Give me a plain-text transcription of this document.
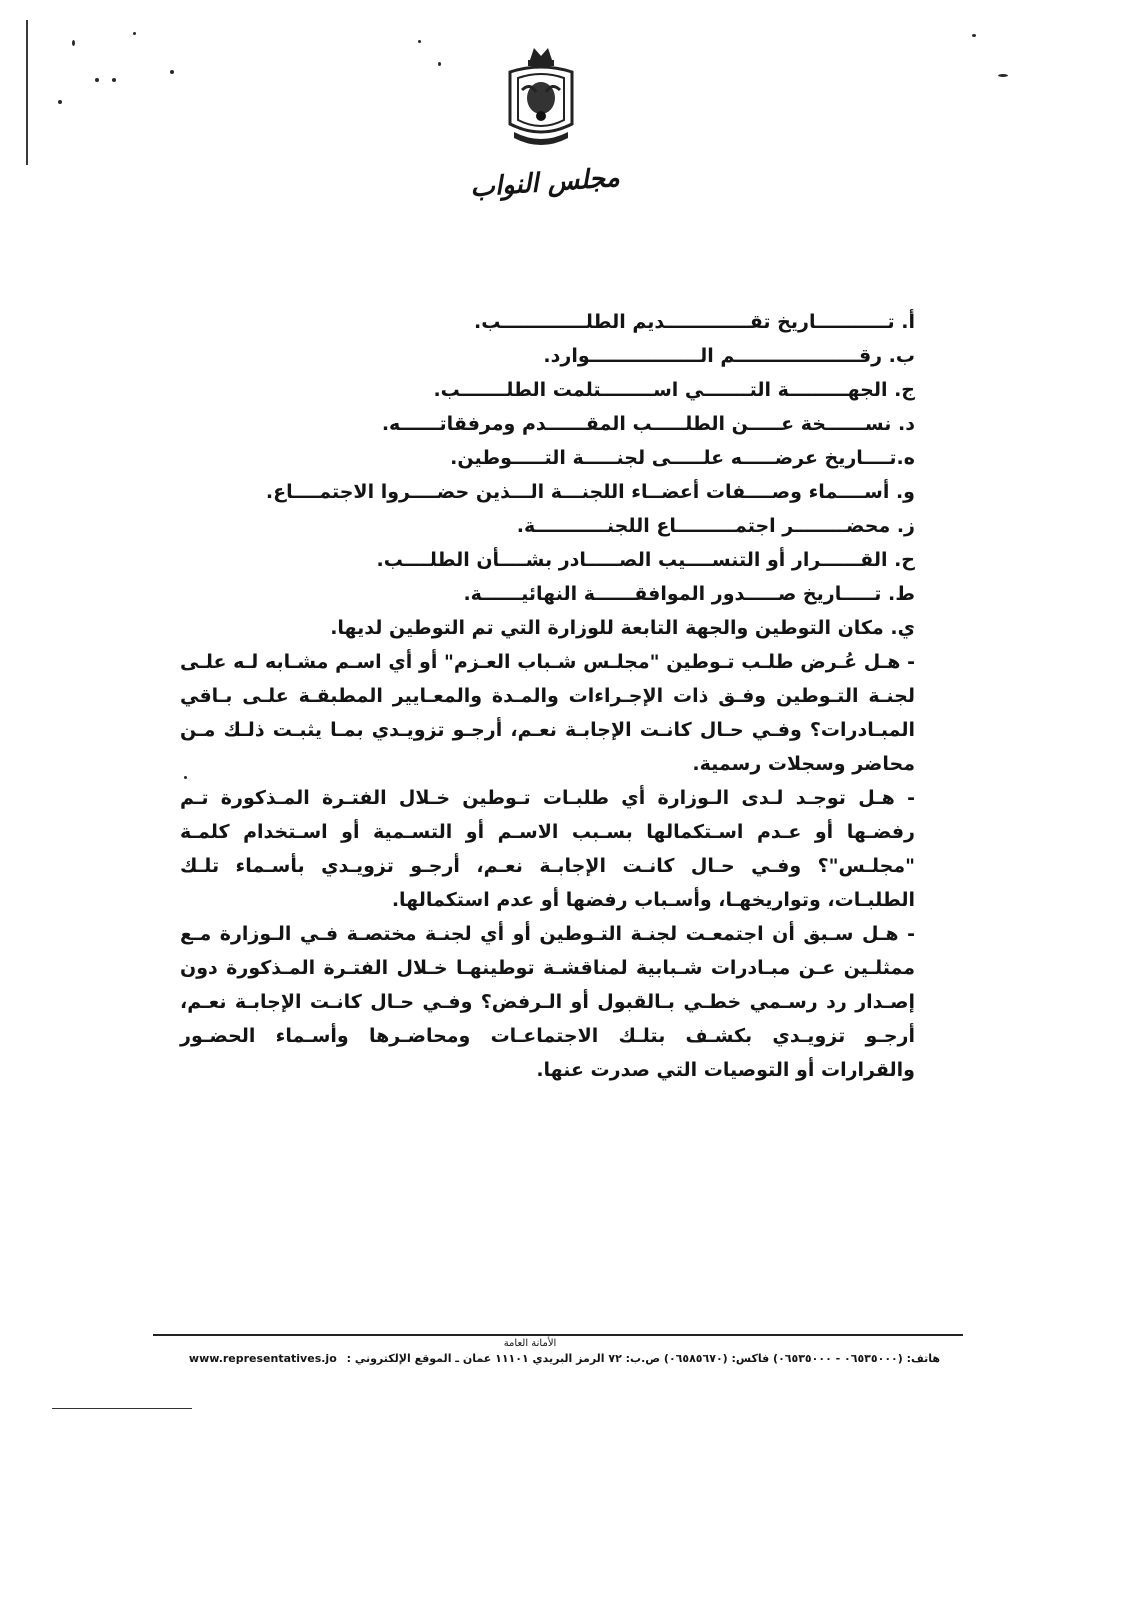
مجلس النواب
أ. تـــــــــــاريخ تقـــــــــــــديم الطلـــــــــــــب.
ب. رقـــــــــــــــــــم الـــــــــــــــــوارد.
ج. الجهـــــــــة التـــــــي اســــــــتلمت الطلـــــــب.
د. نســــــخة عـــــن الطلـــــب المقــــــدم ومرفقاتــــــه.
ه.تــــاريخ عرضـــــه علـــــى لجنـــــة التـــــوطين.
و. أســــماء وصــــفات أعضــاء اللجنـــة الـــذين حضــــروا الاجتمــــاع.
ز. محضــــــــر اجتمـــــــــاع اللجنـــــــــــة.
ح. القــــــرار أو التنســــيب الصـــــادر بشــــأن الطلــــب.
ط. تـــــاريخ صـــــدور الموافقــــــة النهائيــــــة.
ي. مكان التوطين والجهة التابعة للوزارة التي تم التوطين لديها.

- هـل عُـرض طلـب تـوطين "مجلـس شـباب العـزم" أو أي اسـم مشـابه لـه علـى لجنـة التـوطين وفـق ذات الإجـراءات والمـدة والمعـايير المطبقـة علـى بـاقي المبـادرات؟ وفـي حـال كانـت الإجابـة نعـم، أرجـو تزويـدي بمـا يثبـت ذلـك مـن محاضر وسجلات رسمية.

- هـل توجـد لـدى الـوزارة أي طلبـات تـوطين خـلال الفتـرة المـذكورة تـم رفضـها أو عـدم اسـتكمالها بسـبب الاسـم أو التسـمية أو اسـتخدام كلمـة "مجلـس"؟ وفـي حـال كانـت الإجابـة نعـم، أرجـو تزويـدي بأسـماء تلـك الطلبـات، وتواريخهـا، وأسـباب رفضها أو عدم استكمالها.

- هـل سـبق أن اجتمعـت لجنـة التـوطين أو أي لجنـة مختصـة فـي الـوزارة مـع ممثلـين عـن مبـادرات شـبابية لمناقشـة توطينهـا خـلال الفتـرة المـذكورة دون إصـدار رد رسـمي خطـي بـالقبول أو الـرفض؟ وفـي حـال كانـت الإجابـة نعـم، أرجـو تزويـدي بكشـف بتلـك الاجتماعـات ومحاضـرها وأسـماء الحضـور والقرارات أو التوصيات التي صدرت عنها.

الأمانة العامة
هاتف: (٠٦٥٣٥٠٠٠ - ٠٦٥٣٥٠٠٠) فاكس: (٠٦٥٨٥٦٧٠) ص.ب: ٧٢ الرمز البريدي ١١١٠١ عمان ـ الموقع الإلكتروني : www.representatives.jo
